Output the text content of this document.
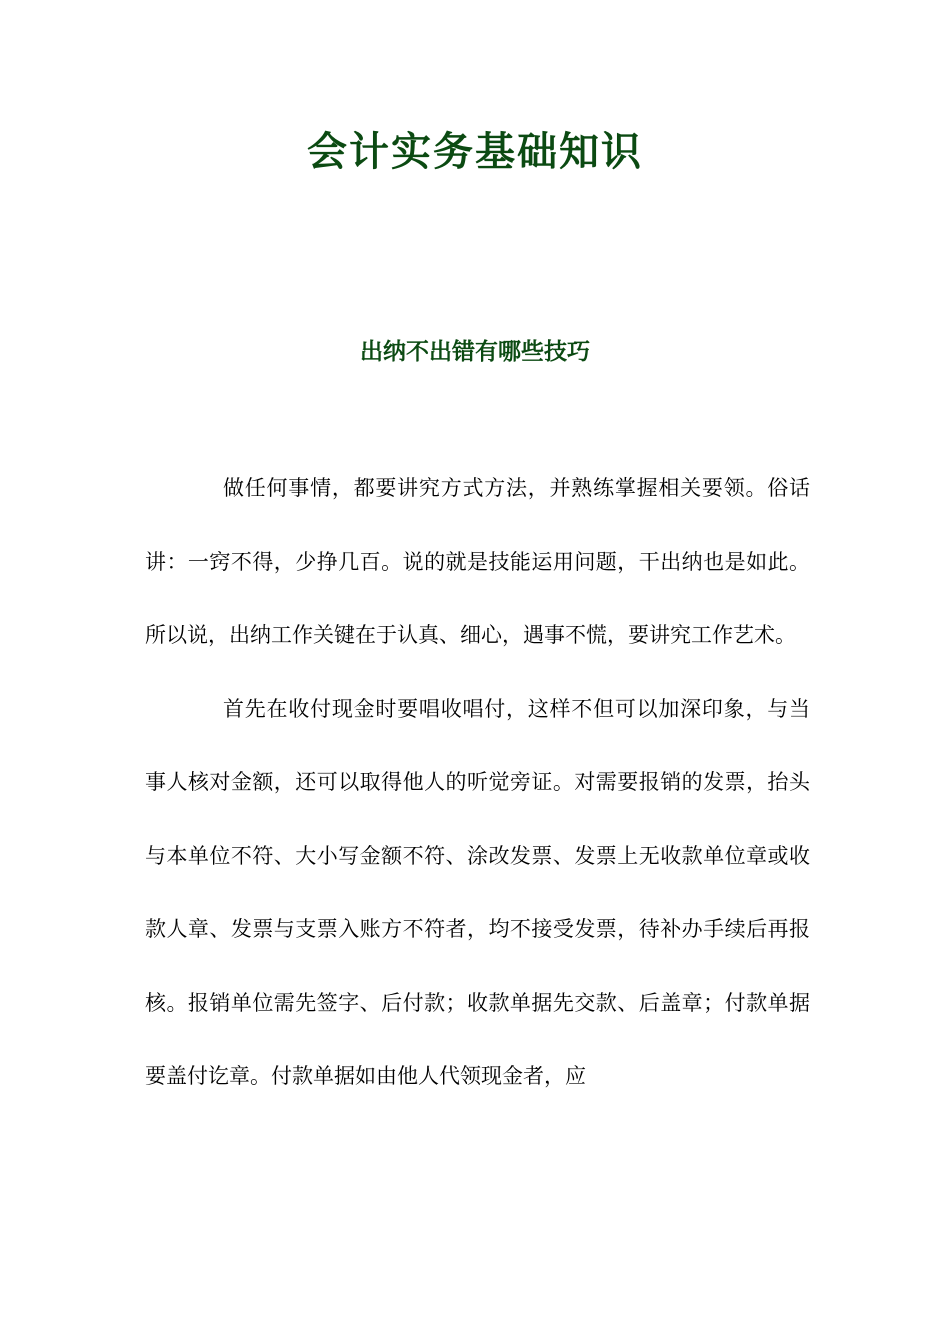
会计实务基础知识
出纳不出错有哪些技巧

做任何事情，都要讲究方式方法，并熟练掌握相关要领。俗话讲：一窍不得，少挣几百。说的就是技能运用问题，干出纳也是如此。所以说，出纳工作关键在于认真、细心，遇事不慌，要讲究工作艺术。

首先在收付现金时要唱收唱付，这样不但可以加深印象，与当事人核对金额，还可以取得他人的听觉旁证。对需要报销的发票，抬头与本单位不符、大小写金额不符、涂改发票、发票上无收款单位章或收款人章、发票与支票入账方不符者，均不接受发票，待补办手续后再报核。报销单位需先签字、后付款；收款单据先交款、后盖章；付款单据要盖付讫章。付款单据如由他人代领现金者，应
